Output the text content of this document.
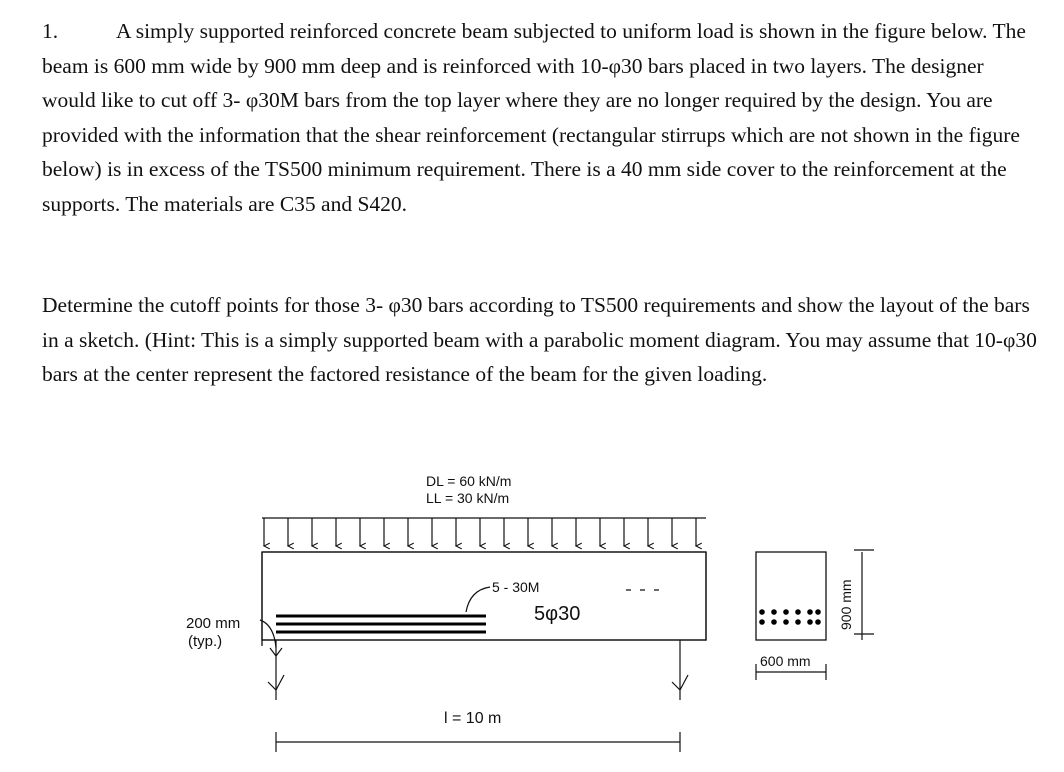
1.	A simply supported reinforced concrete beam subjected to uniform load is shown in the figure below. The beam is 600 mm wide by 900 mm deep and is reinforced with 10-φ30 bars placed in two layers. The designer would like to cut off 3- φ30M bars from the top layer where they are no longer required by the design. You are provided with the information that the shear reinforcement (rectangular stirrups which are not shown in the figure below) is in excess of the TS500 minimum requirement. There is a 40 mm side cover to the reinforcement at the supports. The materials are C35 and S420.
Determine the cutoff points for those 3- φ30 bars according to TS500 requirements and show the layout of the bars in a sketch. (Hint: This is a simply supported beam with a parabolic moment diagram. You may assume that 10-φ30 bars at the center represent the factored resistance of the beam for the given loading.
DL = 60 kN/m
LL = 30 kN/m
5 - 30M
5φ30
200 mm
(typ.)
l = 10 m
900 mm
600 mm
